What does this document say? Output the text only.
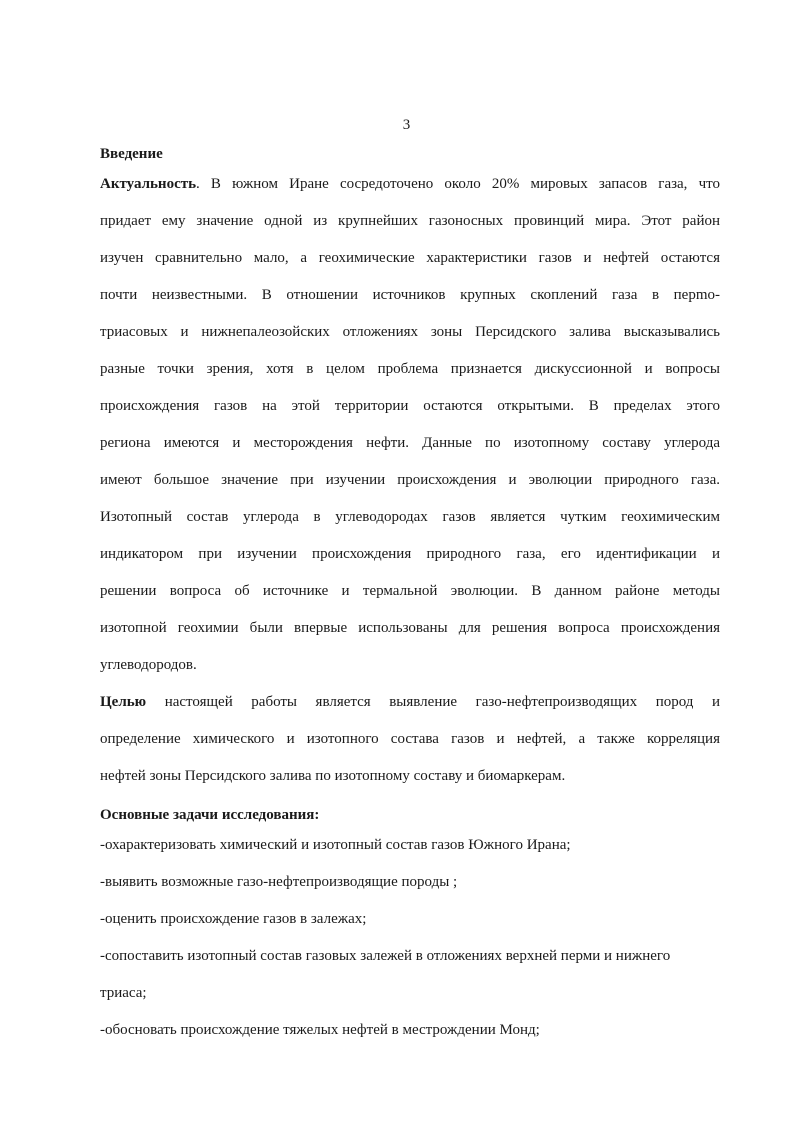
3

Введение

Актуальность. В южном Иране сосредоточено около 20% мировых запасов газа, что

придает ему значение одной из крупнейших газоносных провинций мира. Этот район

изучен сравнительно мало, а геохимические характеристики газов и нефтей остаются

почти неизвестными. В отношении источников крупных скоплений газа в перmo-

триасовых и нижнепалеозойских отложениях зоны Персидского залива высказывались

разные точки зрения, хотя в целом проблема признается дискуссионной и вопросы

происхождения газов на этой территории остаются открытыми. В пределах этого

региона имеются и месторождения нефти. Данные по изотопному составу углерода

имеют большое значение при изучении происхождения и эволюции природного газа.

Изотопный состав углерода в углеводородах газов является чутким геохимическим

индикатором при изучении происхождения природного газа, его идентификации и

решении вопроса об источнике и термальной эволюции. В данном районе методы

изотопной геохимии были впервые использованы для решения вопроса происхождения

углеводородов.

Целью настоящей работы является выявление газо-нефтепроизводящих пород и

определение химического и изотопного состава газов и нефтей, а также корреляция

нефтей зоны Персидского залива по изотопному составу и биомаркерам.

Основные задачи исследования:

-охарактеризовать химический и изотопный состав газов Южного Ирана;

-выявить возможные газо-нефтепроизводящие породы ;

-оценить происхождение газов в залежах;

-сопоставить изотопный состав газовых залежей в отложениях верхней перми и нижнего

триаса;

-обосновать происхождение тяжелых нефтей в местрождении Монд;
